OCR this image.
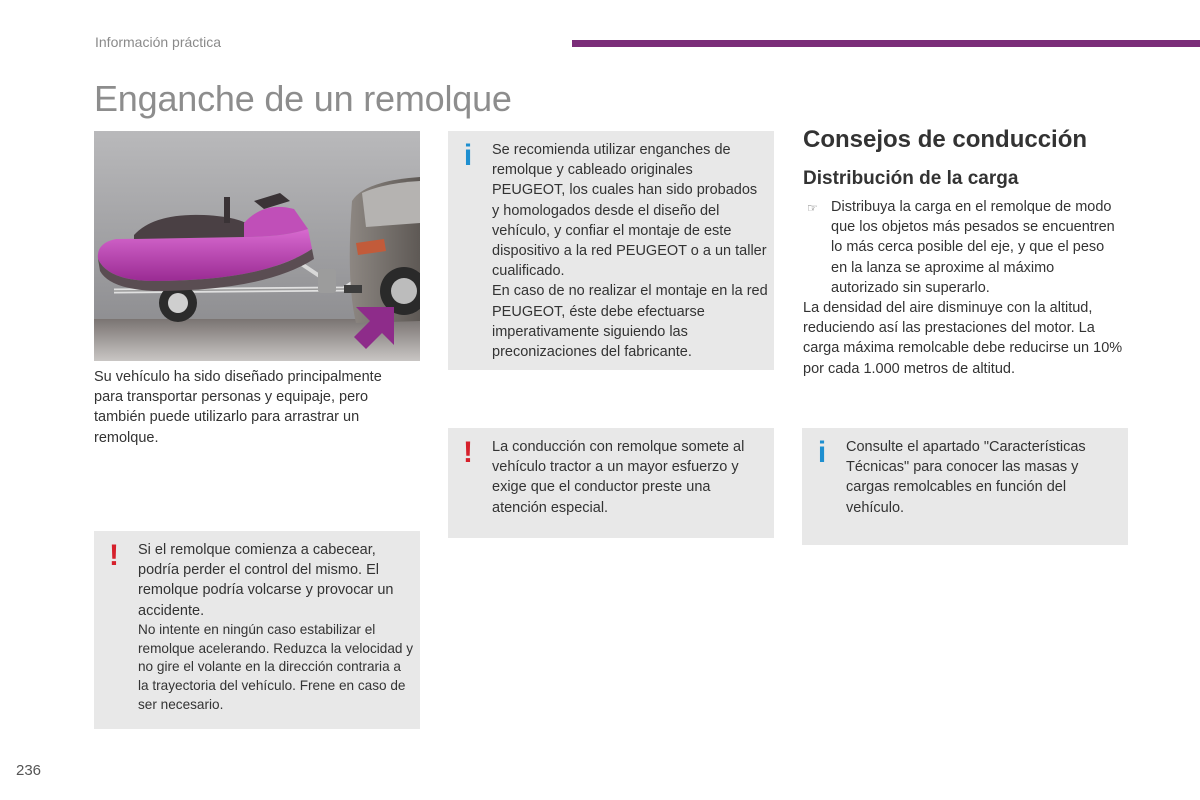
Información práctica
Enganche de un remolque
Su vehículo ha sido diseñado principalmente para transportar personas y equipaje, pero también puede utilizarlo para arrastrar un remolque.
i Se recomienda utilizar enganches de remolque y cableado originales PEUGEOT, los cuales han sido probados y homologados desde el diseño del vehículo, y confiar el montaje de este dispositivo a la red PEUGEOT o a un taller cualificado.

En caso de no realizar el montaje en la red PEUGEOT, éste debe efectuarse imperativamente siguiendo las preconizaciones del fabricante.

! La conducción con remolque somete al vehículo tractor a un mayor esfuerzo y exige que el conductor preste una atención especial.

! Si el remolque comienza a cabecear, podría perder el control del mismo. El remolque podría volcarse y provocar un accidente.

No intente en ningún caso estabilizar el remolque acelerando. Reduzca la velocidad y no gire el volante en la dirección contraria a la trayectoria del vehículo. Frene en caso de ser necesario.

Consejos de conducción
Distribución de la carga
☞ Distribuya la carga en el remolque de modo que los objetos más pesados se encuentren lo más cerca posible del eje, y que el peso en la lanza se aproxime al máximo autorizado sin superarlo.

La densidad del aire disminuye con la altitud, reduciendo así las prestaciones del motor. La carga máxima remolcable debe reducirse un 10% por cada 1.000 metros de altitud.

i Consulte el apartado "Características Técnicas" para conocer las masas y cargas remolcables en función del vehículo.

236
